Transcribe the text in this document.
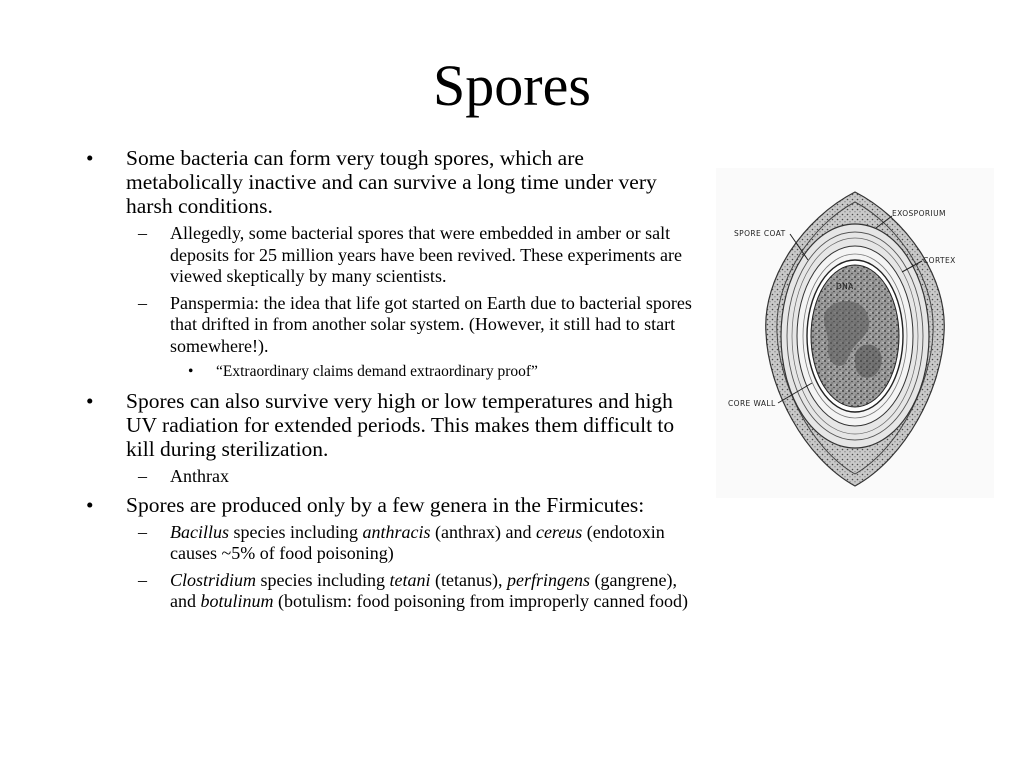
Spores
• Some bacteria can form very tough spores, which are metabolically inactive and can survive a long time under very harsh conditions.
– Allegedly, some bacterial spores that were embedded in amber or salt deposits for 25 million years have been revived. These experiments are viewed skeptically by many scientists.
– Panspermia: the idea that life got started on Earth due to bacterial spores that drifted in from another solar system. (However, it still had to start somewhere!).
• “Extraordinary claims demand extraordinary proof”
• Spores can also survive very high or low temperatures and high UV radiation for extended periods. This makes them difficult to kill during sterilization.
– Anthrax
• Spores are produced only by a few genera in the Firmicutes:
– Bacillus species including anthracis (anthrax) and cereus (endotoxin causes ~5% of food poisoning)
– Clostridium species including tetani (tetanus), perfringens (gangrene), and botulinum (botulism: food poisoning from improperly canned food)
SPORE COAT
EXOSPORIUM
CORTEX
DNA
CORE WALL
